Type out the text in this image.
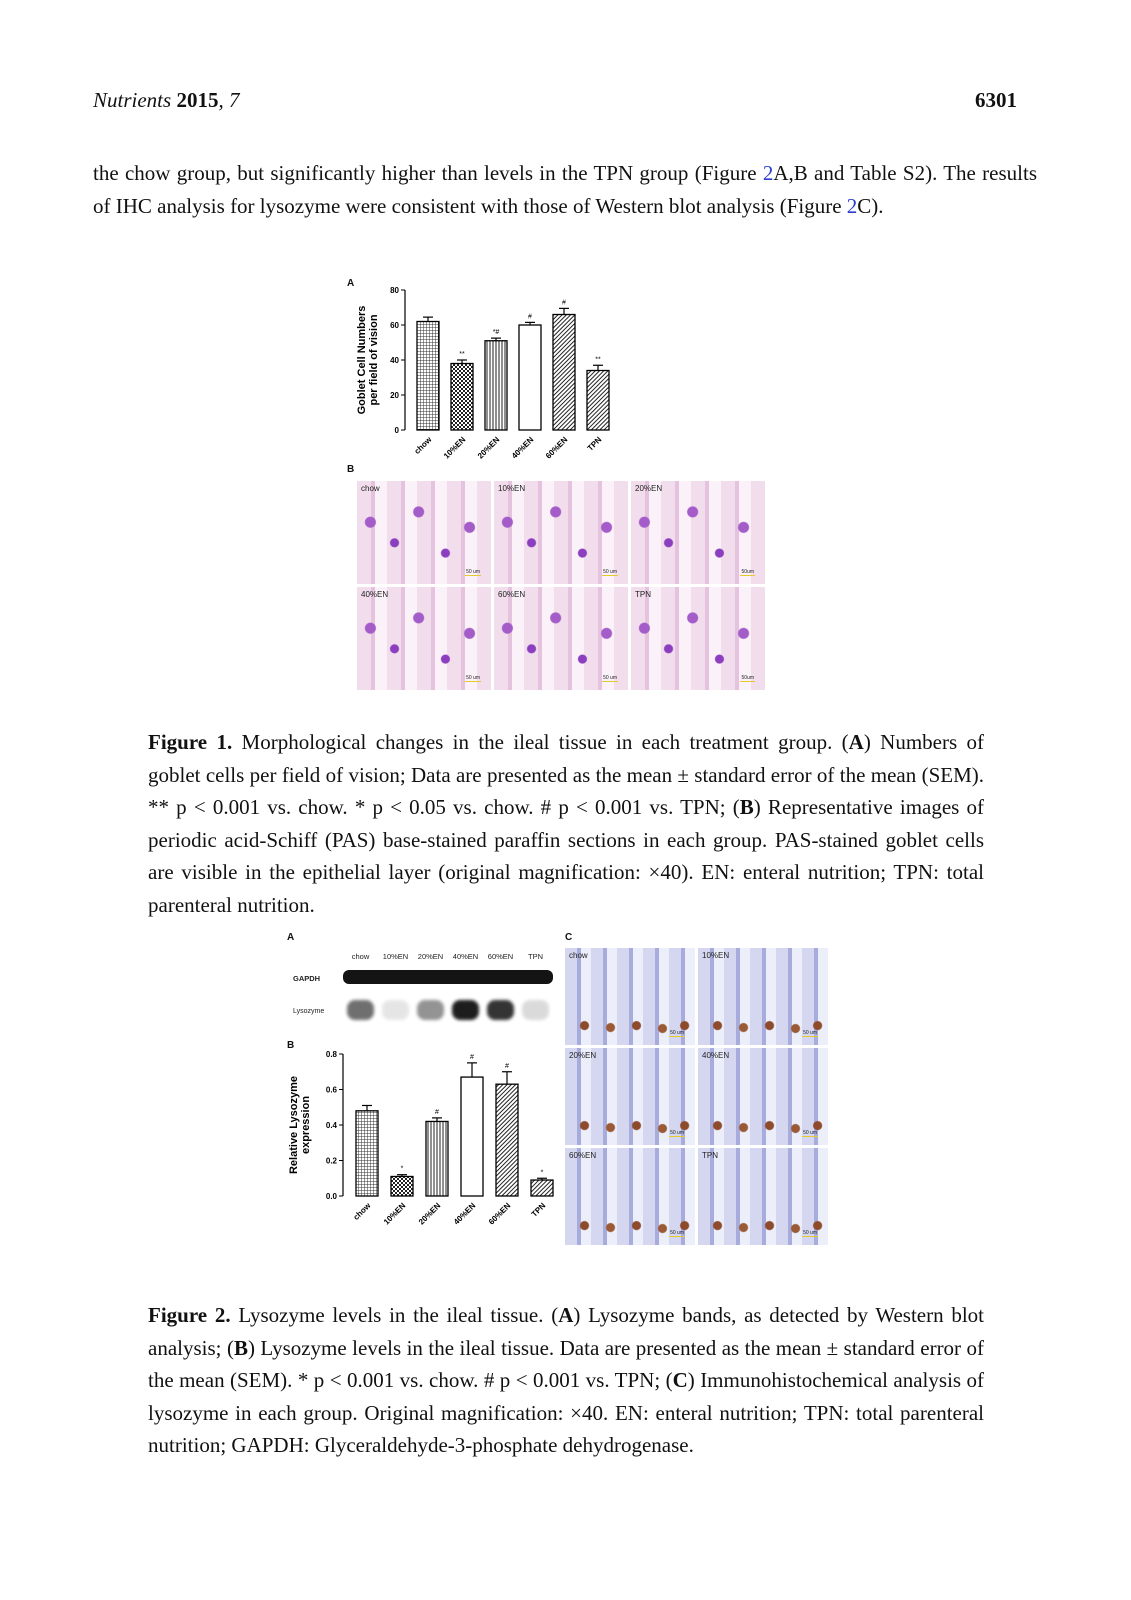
Nutrients 2015, 7	6301
the chow group, but significantly higher than levels in the TPN group (Figure 2A,B and Table S2). The results of IHC analysis for lysozyme were consistent with those of Western blot analysis (Figure 2C).
A
0
20
40
60
80
Goblet Cell Numbers per field of vision
chow
**
10%EN
*#
20%EN
#
40%EN
#
60%EN
**
TPN
B
chow
50 um
10%EN
50 um
20%EN
50um
40%EN
50 um
60%EN
50 um
TPN
50um
Figure 1. Morphological changes in the ileal tissue in each treatment group. (A) Numbers of goblet cells per field of vision; Data are presented as the mean ± standard error of the mean (SEM). ** p < 0.001 vs. chow. * p < 0.05 vs. chow. # p < 0.001 vs. TPN; (B) Representative images of periodic acid-Schiff (PAS) base-stained paraffin sections in each group. PAS-stained goblet cells are visible in the epithelial layer (original magnification: ×40). EN: enteral nutrition; TPN: total parenteral nutrition.
A	C
chow	10%EN	20%EN	40%EN	60%EN	TPN
GAPDH
Lysozyme
B
0.0
0.2
0.4
0.6
0.8
Relative Lysozyme expression
chow
*
10%EN
#
20%EN
#
40%EN
#
60%EN
*
TPN
chow
50 um
10%EN
50 um
20%EN
50 um
40%EN
50 um
60%EN
50 um
TPN
50 um
Figure 2. Lysozyme levels in the ileal tissue. (A) Lysozyme bands, as detected by Western blot analysis; (B) Lysozyme levels in the ileal tissue. Data are presented as the mean ± standard error of the mean (SEM). * p < 0.001 vs. chow. # p < 0.001 vs. TPN; (C) Immunohistochemical analysis of lysozyme in each group. Original magnification: ×40. EN: enteral nutrition; TPN: total parenteral nutrition; GAPDH: Glyceraldehyde-3-phosphate dehydrogenase.
